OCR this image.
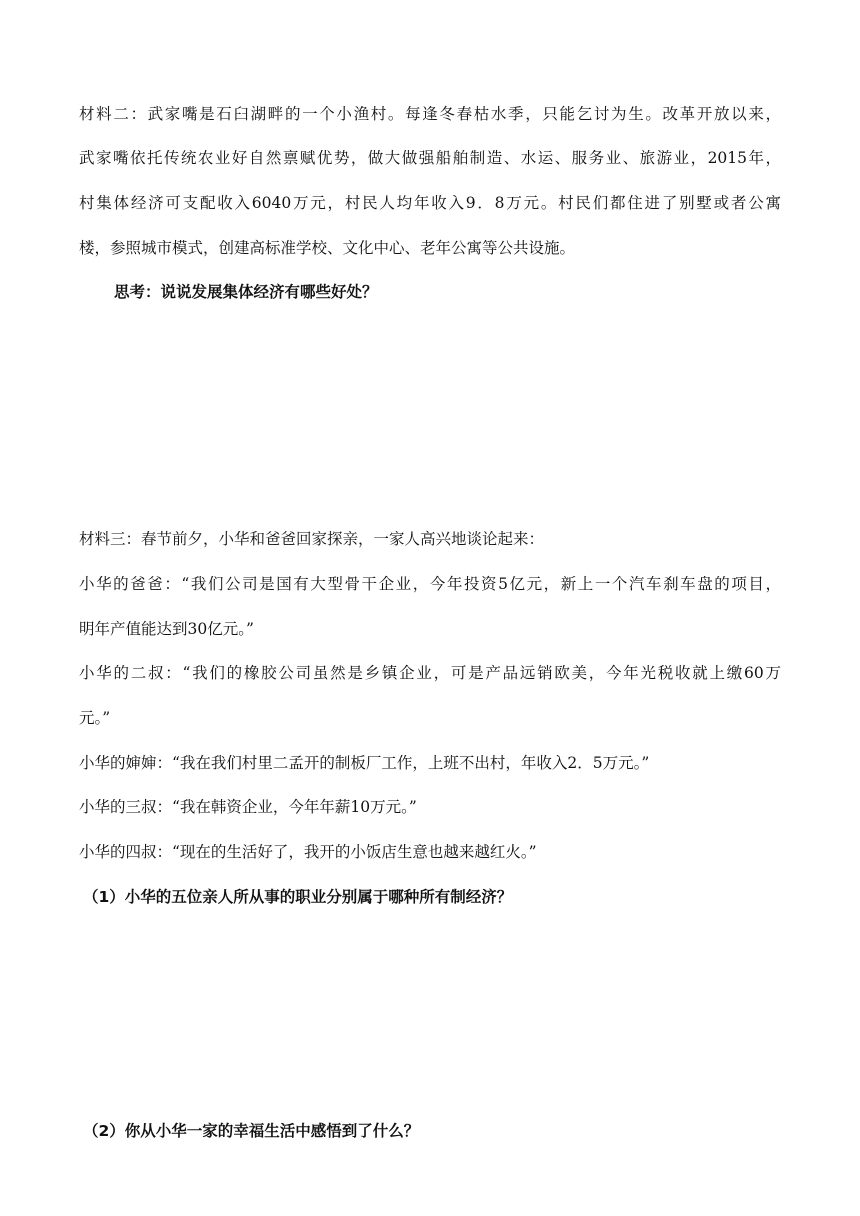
材料二：武家嘴是石臼湖畔的一个小渔村。每逢冬春枯水季，只能乞讨为生。改革开放以来，
武家嘴依托传统农业好自然禀赋优势，做大做强船舶制造、水运、服务业、旅游业，2015年，
村集体经济可支配收入6040万元，村民人均年收入9．8万元。村民们都住进了别墅或者公寓
楼，参照城市模式，创建高标准学校、文化中心、老年公寓等公共设施。
思考：说说发展集体经济有哪些好处？
材料三：春节前夕，小华和爸爸回家探亲，一家人高兴地谈论起来：
小华的爸爸：“我们公司是国有大型骨干企业，今年投资5亿元，新上一个汽车刹车盘的项目，
明年产值能达到30亿元。”
小华的二叔：“我们的橡胶公司虽然是乡镇企业，可是产品远销欧美，今年光税收就上缴60万
元。”
小华的婶婶：“我在我们村里二孟开的制板厂工作，上班不出村，年收入2．5万元。”
小华的三叔：“我在韩资企业，今年年薪10万元。”
小华的四叔：“现在的生活好了，我开的小饭店生意也越来越红火。”
（1）小华的五位亲人所从事的职业分别属于哪种所有制经济？
（2）你从小华一家的幸福生活中感悟到了什么？
